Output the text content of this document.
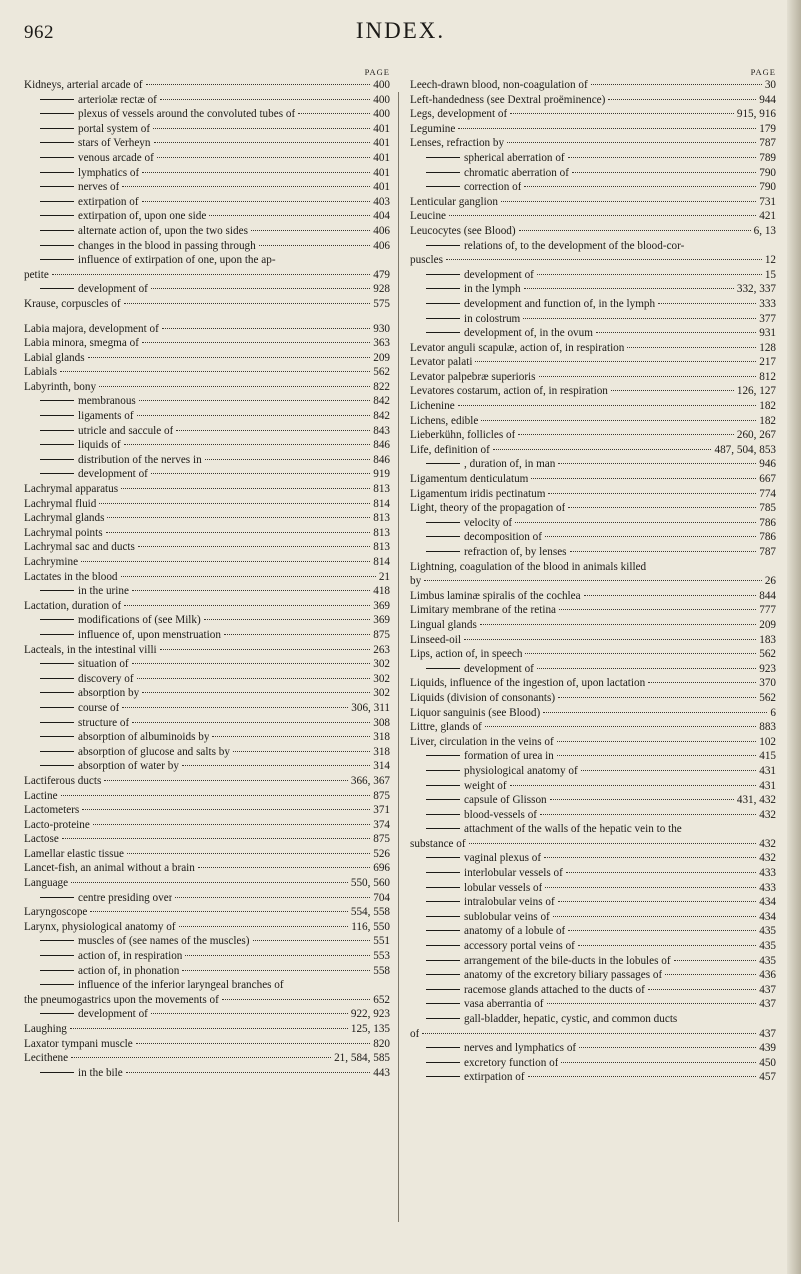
962	INDEX.
PAGE
Kidneys, arterial arcade of	400
arteriolæ rectæ of	400
plexus of vessels around the convoluted tubes of	400
portal system of	401
stars of Verheyn	401
venous arcade of	401
lymphatics of	401
nerves of	401
extirpation of	403
extirpation of, upon one side	404
alternate action of, upon the two sides	406
changes in the blood in passing through	406
influence of extirpation of one, upon the ap-
petite	479
development of	928
Krause, corpuscles of	575
Labia majora, development of	930
Labia minora, smegma of	363
Labial glands	209
Labials	562
Labyrinth, bony	822
membranous	842
ligaments of	842
utricle and saccule of	843
liquids of	846
distribution of the nerves in	846
development of	919
Lachrymal apparatus	813
Lachrymal fluid	814
Lachrymal glands	813
Lachrymal points	813
Lachrymal sac and ducts	813
Lachrymine	814
Lactates in the blood	21
in the urine	418
Lactation, duration of	369
modifications of (see Milk)	369
influence of, upon menstruation	875
Lacteals, in the intestinal villi	263
situation of	302
discovery of	302
absorption by	302
course of	306, 311
structure of	308
absorption of albuminoids by	318
absorption of glucose and salts by	318
absorption of water by	314
Lactiferous ducts	366, 367
Lactine	875
Lactometers	371
Lacto-proteine	374
Lactose	875
Lamellar elastic tissue	526
Lancet-fish, an animal without a brain	696
Language	550, 560
centre presiding over	704
Laryngoscope	554, 558
Larynx, physiological anatomy of	116, 550
muscles of (see names of the muscles)	551
action of, in respiration	553
action of, in phonation	558
influence of the inferior laryngeal branches of
the pneumogastrics upon the movements of	652
development of	922, 923
Laughing	125, 135
Laxator tympani muscle	820
Lecithene	21, 584, 585
in the bile	443
PAGE
Leech-drawn blood, non-coagulation of	30
Left-handedness (see Dextral proëminence)	944
Legs, development of	915, 916
Legumine	179
Lenses, refraction by	787
spherical aberration of	789
chromatic aberration of	790
correction of	790
Lenticular ganglion	731
Leucine	421
Leucocytes (see Blood)	6, 13
relations of, to the development of the blood-cor-
puscles	12
development of	15
in the lymph	332, 337
development and function of, in the lymph	333
in colostrum	377
development of, in the ovum	931
Levator anguli scapulæ, action of, in respiration	128
Levator palati	217
Levator palpebræ superioris	812
Levatores costarum, action of, in respiration	126, 127
Lichenine	182
Lichens, edible	182
Lieberkühn, follicles of	260, 267
Life, definition of	487, 504, 853
, duration of, in man	946
Ligamentum denticulatum	667
Ligamentum iridis pectinatum	774
Light, theory of the propagation of	785
velocity of	786
decomposition of	786
refraction of, by lenses	787
Lightning, coagulation of the blood in animals killed
by	26
Limbus laminæ spiralis of the cochlea	844
Limitary membrane of the retina	777
Lingual glands	209
Linseed-oil	183
Lips, action of, in speech	562
development of	923
Liquids, influence of the ingestion of, upon lactation	370
Liquids (division of consonants)	562
Liquor sanguinis (see Blood)	6
Littre, glands of	883
Liver, circulation in the veins of	102
formation of urea in	415
physiological anatomy of	431
weight of	431
capsule of Glisson	431, 432
blood-vessels of	432
attachment of the walls of the hepatic vein to the
substance of	432
vaginal plexus of	432
interlobular vessels of	433
lobular vessels of	433
intralobular veins of	434
sublobular veins of	434
anatomy of a lobule of	435
accessory portal veins of	435
arrangement of the bile-ducts in the lobules of	435
anatomy of the excretory biliary passages of	436
racemose glands attached to the ducts of	437
vasa aberrantia of	437
gall-bladder, hepatic, cystic, and common ducts
of	437
nerves and lymphatics of	439
excretory function of	450
extirpation of	457
